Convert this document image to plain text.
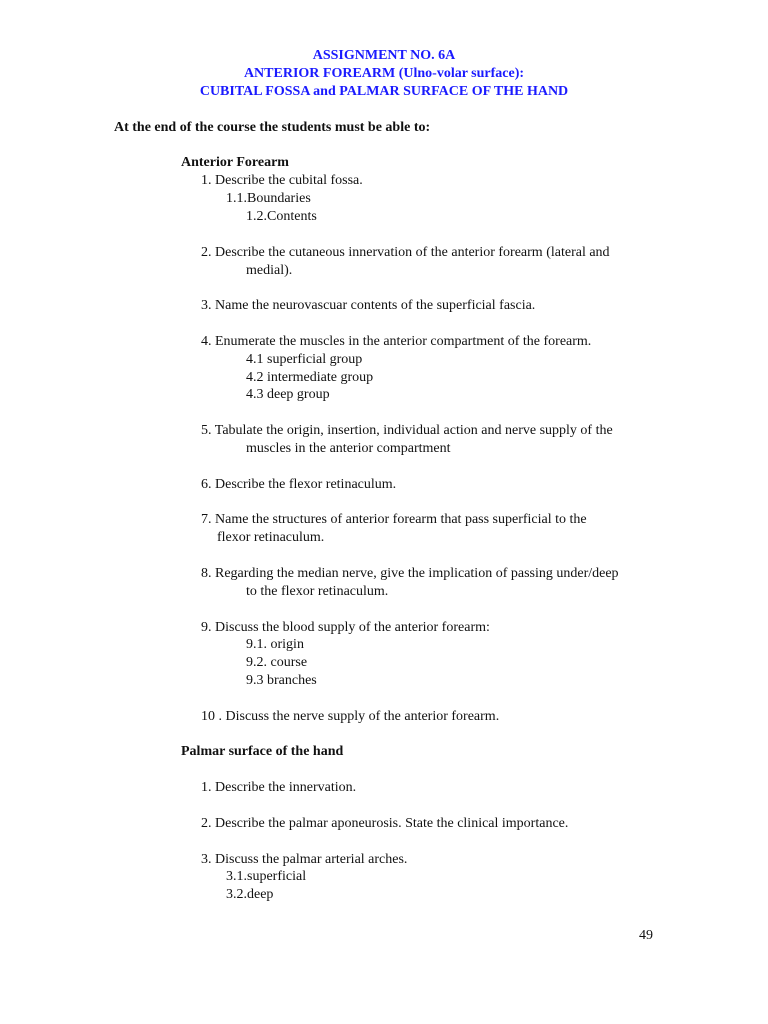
ASSIGNMENT NO. 6A
ANTERIOR FOREARM (Ulno-volar surface):
CUBITAL FOSSA and PALMAR SURFACE OF THE HAND
At the end of the course the students must be able to:
Anterior Forearm
1. Describe the cubital fossa.
1.1.Boundaries
1.2.Contents
2. Describe the cutaneous innervation of the anterior forearm (lateral and
medial).
3. Name the neurovascuar contents of the superficial fascia.
4. Enumerate the muscles in the anterior compartment of the forearm.
4.1 superficial group
4.2 intermediate group
4.3 deep group
5. Tabulate the origin, insertion, individual action and nerve supply of the
muscles in the anterior compartment
6. Describe the flexor retinaculum.
7. Name the structures of anterior forearm that pass superficial to the
flexor retinaculum.
8. Regarding the median nerve, give the implication of passing under/deep
to the flexor retinaculum.
9. Discuss the blood supply of the anterior forearm:
9.1. origin
9.2. course
9.3 branches
10 . Discuss the nerve supply of the anterior forearm.
Palmar surface of the hand
1. Describe the innervation.
2. Describe the palmar aponeurosis. State the clinical importance.
3. Discuss the palmar arterial arches.
3.1.superficial
3.2.deep
49
